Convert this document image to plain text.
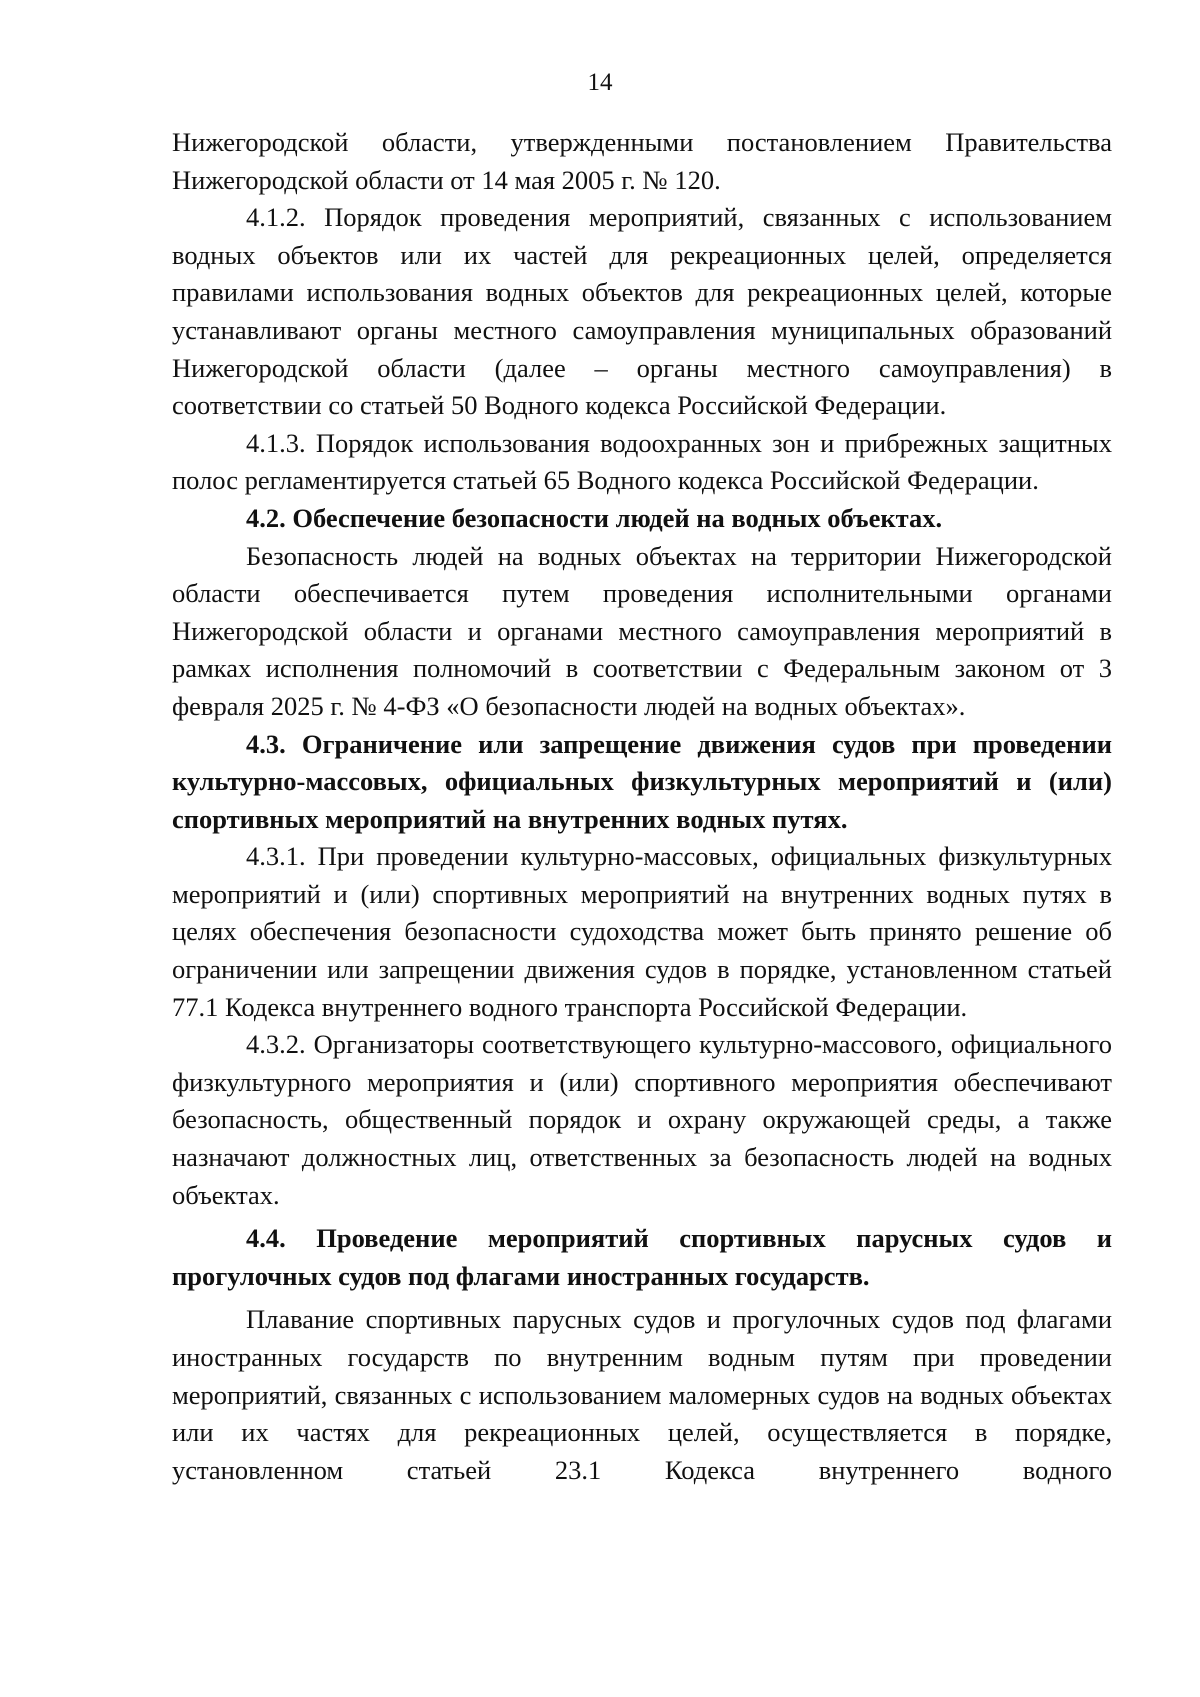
14

Нижегородской области, утвержденными постановлением Правительства Нижегородской области от 14 мая 2005 г. № 120.

4.1.2. Порядок проведения мероприятий, связанных с использованием водных объектов или их частей для рекреационных целей, определяется правилами использования водных объектов для рекреационных целей, которые устанавливают органы местного самоуправления муниципальных образований Нижегородской области (далее – органы местного самоуправления) в соответствии со статьей 50 Водного кодекса Российской Федерации.

4.1.3. Порядок использования водоохранных зон и прибрежных защитных полос регламентируется статьей 65 Водного кодекса Российской Федерации.

4.2. Обеспечение безопасности людей на водных объектах.

Безопасность людей на водных объектах на территории Нижегородской области обеспечивается путем проведения исполнительными органами Нижегородской области и органами местного самоуправления мероприятий в рамках исполнения полномочий в соответствии с Федеральным законом от 3 февраля 2025 г. № 4-ФЗ «О безопасности людей на водных объектах».

4.3. Ограничение или запрещение движения судов при проведении культурно-массовых, официальных физкультурных мероприятий и (или) спортивных мероприятий на внутренних водных путях.

4.3.1. При проведении культурно-массовых, официальных физкультурных мероприятий и (или) спортивных мероприятий на внутренних водных путях в целях обеспечения безопасности судоходства может быть принято решение об ограничении или запрещении движения судов в порядке, установленном статьей 77.1 Кодекса внутреннего водного транспорта Российской Федерации.

4.3.2. Организаторы соответствующего культурно-массового, официального физкультурного мероприятия и (или) спортивного мероприятия обеспечивают безопасность, общественный порядок и охрану окружающей среды, а также назначают должностных лиц, ответственных за безопасность людей на водных объектах.

4.4. Проведение мероприятий спортивных парусных судов и прогулочных судов под флагами иностранных государств.

Плавание спортивных парусных судов и прогулочных судов под флагами иностранных государств по внутренним водным путям при проведении мероприятий, связанных с использованием маломерных судов на водных объектах или их частях для рекреационных целей, осуществляется в порядке, установленном статьей 23.1 Кодекса внутреннего водного
